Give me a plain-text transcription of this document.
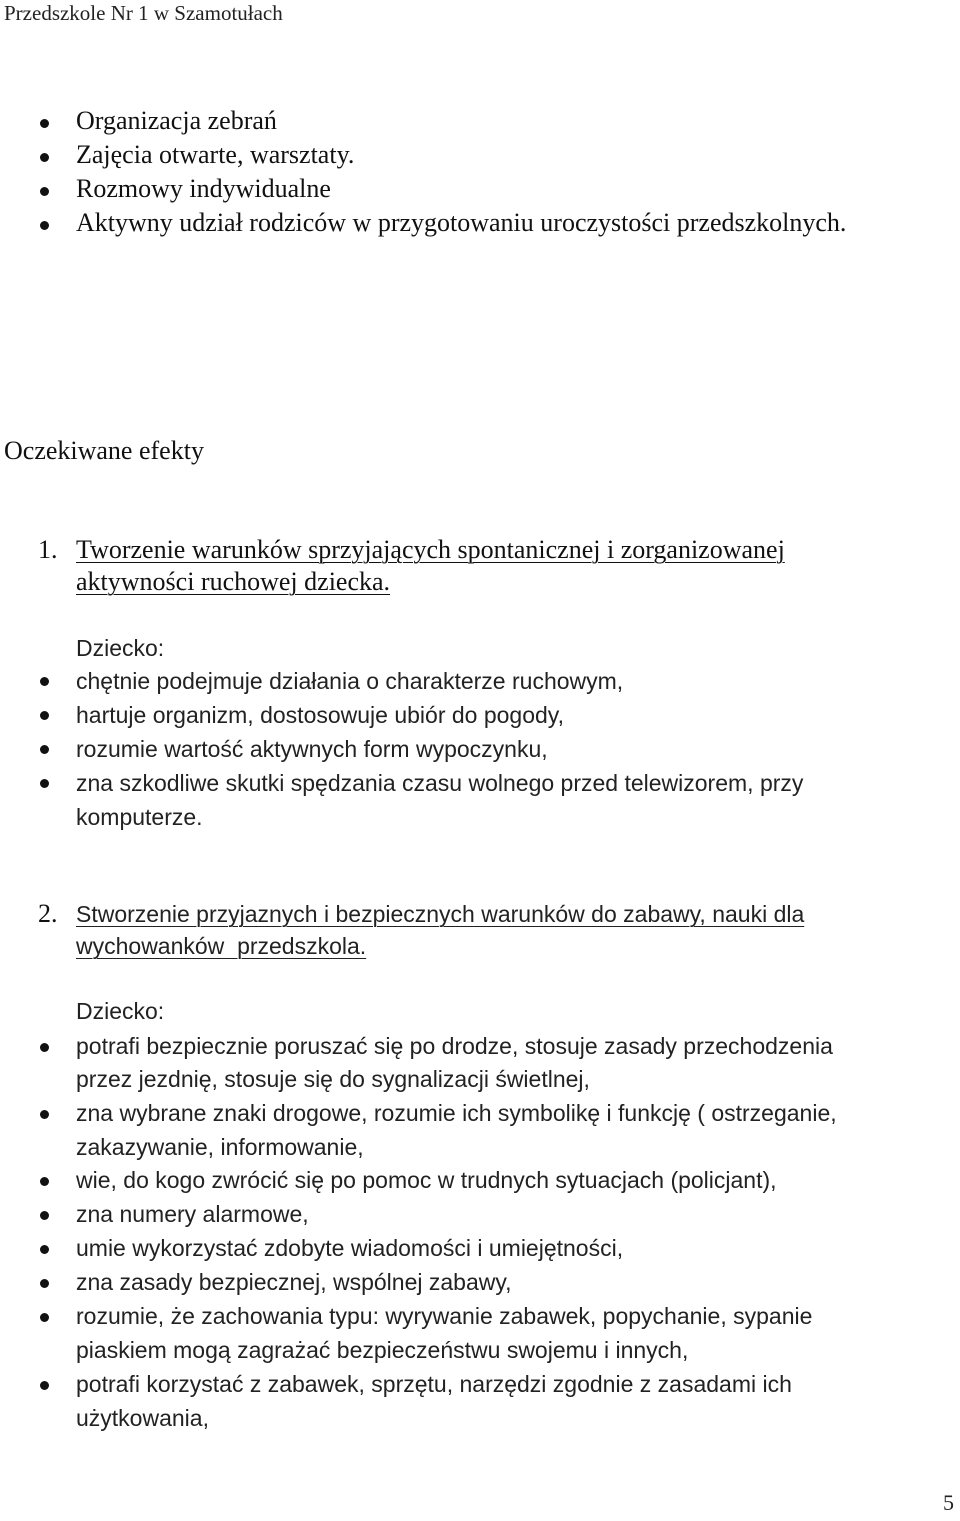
Przedszkole Nr 1 w Szamotułach
Organizacja zebrań
Zajęcia otwarte, warsztaty.
Rozmowy indywidualne
Aktywny udział rodziców w przygotowaniu uroczystości przedszkolnych.
Oczekiwane efekty
1. Tworzenie warunków sprzyjających spontanicznej i zorganizowanej
aktywności ruchowej dziecka.
Dziecko:
chętnie podejmuje działania o charakterze ruchowym,
hartuje organizm, dostosowuje ubiór do pogody,
rozumie wartość aktywnych form wypoczynku,
zna szkodliwe skutki spędzania czasu wolnego przed telewizorem, przy
komputerze.
2. Stworzenie przyjaznych i bezpiecznych warunków do zabawy, nauki dla
wychowanków  przedszkola.
Dziecko:
potrafi bezpiecznie poruszać się po drodze, stosuje zasady przechodzenia
przez jezdnię, stosuje się do sygnalizacji świetlnej,
zna wybrane znaki drogowe, rozumie ich symbolikę i funkcję ( ostrzeganie,
zakazywanie, informowanie,
wie, do kogo zwrócić się po pomoc w trudnych sytuacjach (policjant),
zna numery alarmowe,
umie wykorzystać zdobyte wiadomości i umiejętności,
zna zasady bezpiecznej, wspólnej zabawy,
rozumie, że zachowania typu: wyrywanie zabawek, popychanie, sypanie
piaskiem mogą zagrażać bezpieczeństwu swojemu i innych,
potrafi korzystać z zabawek, sprzętu, narzędzi zgodnie z zasadami ich
użytkowania,
5
